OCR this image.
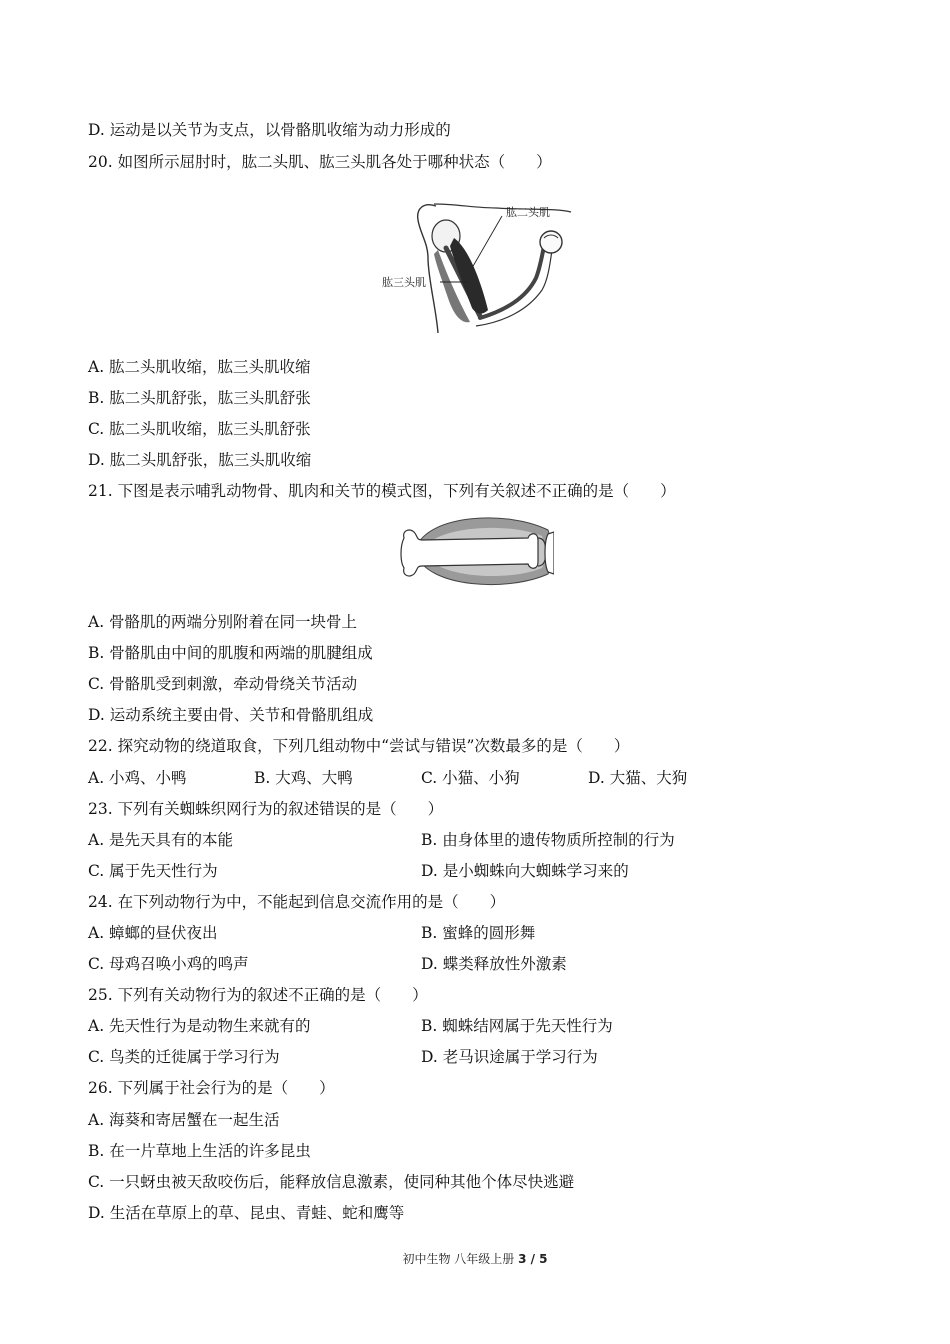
D. 运动是以关节为支点，以骨骼肌收缩为动力形成的
20. 如图所示屈肘时，肱二头肌、肱三头肌各处于哪种状态（　　）
肱二头肌
肱三头肌
A. 肱二头肌收缩，肱三头肌收缩
B. 肱二头肌舒张，肱三头肌舒张
C. 肱二头肌收缩，肱三头肌舒张
D. 肱二头肌舒张，肱三头肌收缩
21. 下图是表示哺乳动物骨、肌肉和关节的模式图，下列有关叙述不正确的是（　　）
A. 骨骼肌的两端分别附着在同一块骨上
B. 骨骼肌由中间的肌腹和两端的肌腱组成
C. 骨骼肌受到刺激，牵动骨绕关节活动
D. 运动系统主要由骨、关节和骨骼肌组成
22. 探究动物的绕道取食，下列几组动物中“尝试与错误”次数最多的是（　　）
A. 小鸡、小鸭	B. 大鸡、大鸭	C. 小猫、小狗	D. 大猫、大狗
23. 下列有关蜘蛛织网行为的叙述错误的是（　　）
A. 是先天具有的本能	B. 由身体里的遗传物质所控制的行为
C. 属于先天性行为	D. 是小蜘蛛向大蜘蛛学习来的
24. 在下列动物行为中，不能起到信息交流作用的是（　　）
A. 蟑螂的昼伏夜出	B. 蜜蜂的圆形舞
C. 母鸡召唤小鸡的鸣声	D. 蝶类释放性外激素
25. 下列有关动物行为的叙述不正确的是（　　）
A. 先天性行为是动物生来就有的	B. 蜘蛛结网属于先天性行为
C. 鸟类的迁徙属于学习行为	D. 老马识途属于学习行为
26. 下列属于社会行为的是（　　）
A. 海葵和寄居蟹在一起生活
B. 在一片草地上生活的许多昆虫
C. 一只蚜虫被天敌咬伤后，能释放信息激素，使同种其他个体尽快逃避
D. 生活在草原上的草、昆虫、青蛙、蛇和鹰等
初中生物 八年级上册 3 / 5
